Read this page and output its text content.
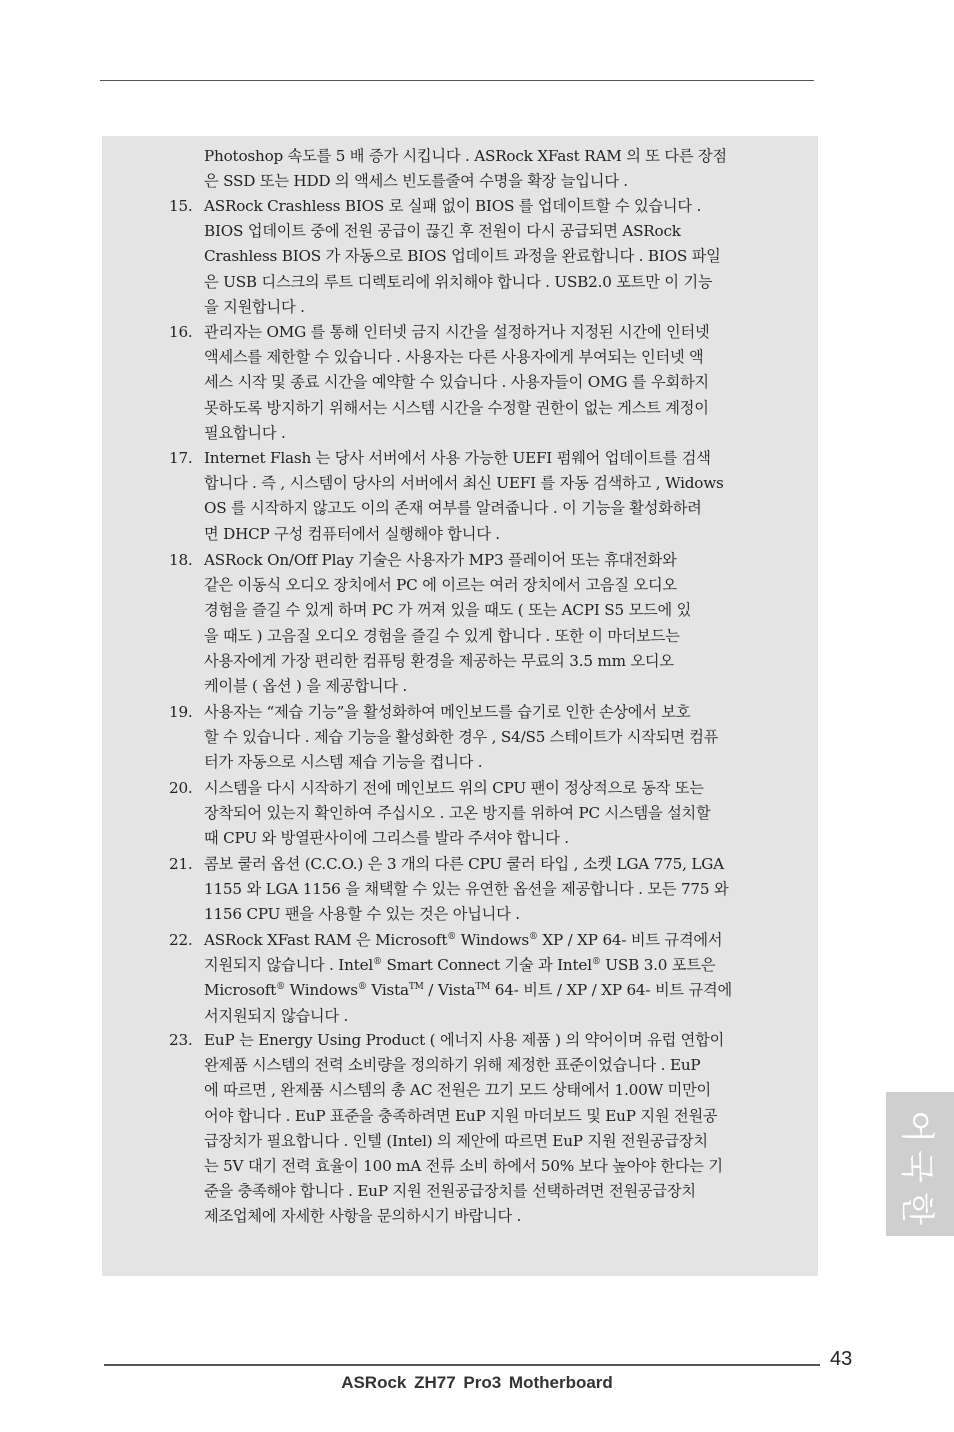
Photoshop 속도를 5 배 증가 시킵니다 . ASRock XFast RAM 의 또 다른 장점
은 SSD 또는 HDD 의 액세스 빈도를줄여 수명을 확장 늘입니다 .
15. ASRock Crashless BIOS 로 실패 없이 BIOS 를 업데이트할 수 있습니다 .
BIOS 업데이트 중에 전원 공급이 끊긴 후 전원이 다시 공급되면 ASRock
Crashless BIOS 가 자동으로 BIOS 업데이트 과정을 완료합니다 . BIOS 파일
은 USB 디스크의 루트 디렉토리에 위치해야 합니다 . USB2.0 포트만 이 기능
을 지원합니다 .
16. 관리자는 OMG 를 통해 인터넷 금지 시간을 설정하거나 지정된 시간에 인터넷
액세스를 제한할 수 있습니다 . 사용자는 다른 사용자에게 부여되는 인터넷 액
세스 시작 및 종료 시간을 예약할 수 있습니다 . 사용자들이 OMG 를 우회하지
못하도록 방지하기 위해서는 시스템 시간을 수정할 권한이 없는 게스트 계정이
필요합니다 .
17. Internet Flash 는 당사 서버에서 사용 가능한 UEFI 펌웨어 업데이트를 검색
합니다 . 즉 , 시스템이 당사의 서버에서 최신 UEFI 를 자동 검색하고 , Widows
OS 를 시작하지 않고도 이의 존재 여부를 알려줍니다 . 이 기능을 활성화하려
면 DHCP 구성 컴퓨터에서 실행해야 합니다 .
18. ASRock On/Off Play 기술은 사용자가 MP3 플레이어 또는 휴대전화와
같은 이동식 오디오 장치에서 PC 에 이르는 여러 장치에서 고음질 오디오
경험을 즐길 수 있게 하며 PC 가 꺼져 있을 때도 ( 또는 ACPI S5 모드에 있
을 때도 ) 고음질 오디오 경험을 즐길 수 있게 합니다 . 또한 이 마더보드는
사용자에게 가장 편리한 컴퓨팅 환경을 제공하는 무료의 3.5 mm 오디오
케이블 ( 옵션 ) 을 제공합니다 .
19. 사용자는 “제습 기능”을 활성화하여 메인보드를 습기로 인한 손상에서 보호
할 수 있습니다 . 제습 기능을 활성화한 경우 , S4/S5 스테이트가 시작되면 컴퓨
터가 자동으로 시스템 제습 기능을 켭니다 .
20. 시스템을 다시 시작하기 전에 메인보드 위의 CPU 팬이 정상적으로 동작 또는
장착되어 있는지 확인하여 주십시오 . 고온 방지를 위하여 PC 시스템을 설치할
때 CPU 와 방열판사이에 그리스를 발라 주셔야 합니다 .
21. 콤보 쿨러 옵션 (C.C.O.) 은 3 개의 다른 CPU 쿨러 타입 , 소켓 LGA 775, LGA
1155 와 LGA 1156 을 채택할 수 있는 유연한 옵션을 제공합니다 . 모든 775 와
1156 CPU 팬을 사용할 수 있는 것은 아닙니다 .
23. EuP 는 Energy Using Product ( 에너지 사용 제품 ) 의 약어이며 유럽 연합이
완제품 시스템의 전력 소비량을 정의하기 위해 제정한 표준이었습니다 . EuP
에 따르면 , 완제품 시스템의 총 AC 전원은 끄기 모드 상태에서 1.00W 미만이
어야 합니다 . EuP 표준을 충족하려면 EuP 지원 마더보드 및 EuP 지원 전원공
급장치가 필요합니다 . 인텔 (Intel) 의 제안에 따르면 EuP 지원 전원공급장치
는 5V 대기 전력 효율이 100 mA 전류 소비 하에서 50% 보다 높아야 한다는 기
준을 충족해야 합니다 . EuP 지원 전원공급장치를 선택하려면 전원공급장치
제조업체에 자세한 사항을 문의하시기 바랍니다 .
22. ASRock XFast RAM 은 Microsoft® Windows® XP / XP 64- 비트 규격에서
지원되지 않습니다 . Intel® Smart Connect 기술 과 Intel® USB 3.0 포트은
Microsoft® Windows® Vista™ / Vista™ 64- 비트 / XP / XP 64- 비트 규격에
서지원되지 않습니다 .
어
국
한
43
ASRock ZH77 Pro3 Motherboard
